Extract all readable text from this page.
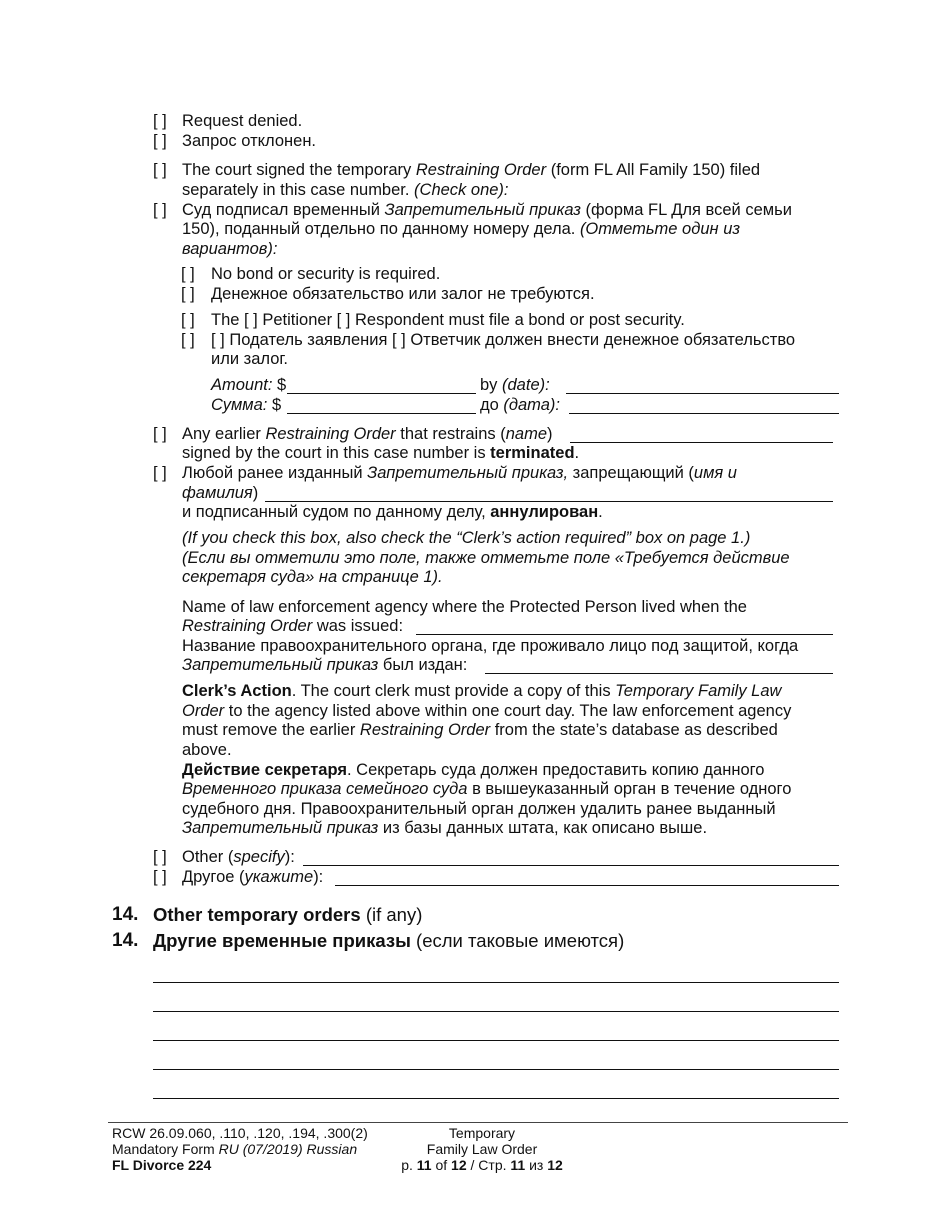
[ ] Request denied.
[ ] Запрос отклонен.
[ ] The court signed the temporary Restraining Order (form FL All Family 150) filed
separately in this case number. (Check one):
[ ] Суд подписал временный Запретительный приказ (форма FL Для всей семьи
150), поданный отдельно по данному номеру дела. (Отметьте один из
вариантов):
[ ] No bond or security is required.
[ ] Денежное обязательство или залог не требуются.
[ ] The [ ] Petitioner [ ] Respondent must file a bond or post security.
[ ] [ ] Податель заявления [ ] Ответчик должен внести денежное обязательство
или залог.
Amount: $	by (date):
Сумма: $	до (дата):
[ ] Any earlier Restraining Order that restrains (name)
signed by the court in this case number is terminated.
[ ] Любой ранее изданный Запретительный приказ, запрещающий (имя и
фамилия)
и подписанный судом по данному делу, аннулирован.
(If you check this box, also check the “Clerk’s action required” box on page 1.)
(Если вы отметили это поле, также отметьте поле «Требуется действие
секретаря суда» на странице 1).
Name of law enforcement agency where the Protected Person lived when the
Restraining Order was issued:
Название правоохранительного органа, где проживало лицо под защитой, когда
Запретительный приказ был издан:
Clerk’s Action. The court clerk must provide a copy of this Temporary Family Law
Order to the agency listed above within one court day. The law enforcement agency
must remove the earlier Restraining Order from the state’s database as described
above.
Действие секретаря. Секретарь суда должен предоставить копию данного
Временного приказа семейного суда в вышеуказанный орган в течение одного
судебного дня. Правоохранительный орган должен удалить ранее выданный
Запретительный приказ из базы данных штата, как описано выше.
[ ] Other (specify):
[ ] Другое (укажите):
14. Other temporary orders (if any)
14. Другие временные приказы (если таковые имеются)
RCW 26.09.060, .110, .120, .194, .300(2)
Mandatory Form RU (07/2019) Russian
FL Divorce 224
Temporary
Family Law Order
p. 11 of 12 / Стр. 11 из 12
